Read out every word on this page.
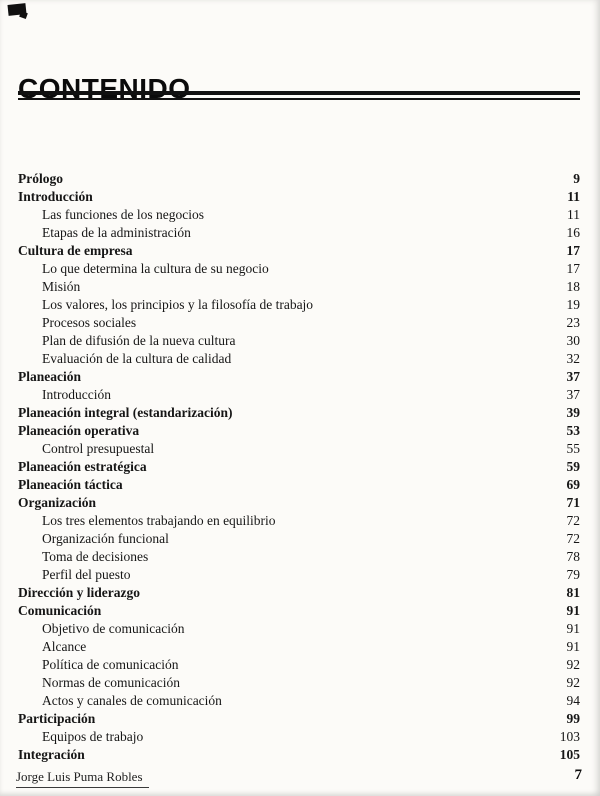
CONTENIDO
Prólogo	9
Introducción	11
Las funciones de los negocios	11
Etapas de la administración	16
Cultura de empresa	17
Lo que determina la cultura de su negocio	17
Misión	18
Los valores, los principios y la filosofía de trabajo	19
Procesos sociales	23
Plan de difusión de la nueva cultura	30
Evaluación de la cultura de calidad	32
Planeación	37
Introducción	37
Planeación integral (estandarización)	39
Planeación operativa	53
Control presupuestal	55
Planeación estratégica	59
Planeación táctica	69
Organización	71
Los tres elementos trabajando en equilibrio	72
Organización funcional	72
Toma de decisiones	78
Perfil del puesto	79
Dirección y liderazgo	81
Comunicación	91
Objetivo de comunicación	91
Alcance	91
Política de comunicación	92
Normas de comunicación	92
Actos y canales de comunicación	94
Participación	99
Equipos de trabajo	103
Integración	105
Jorge Luis Puma Robles	7
